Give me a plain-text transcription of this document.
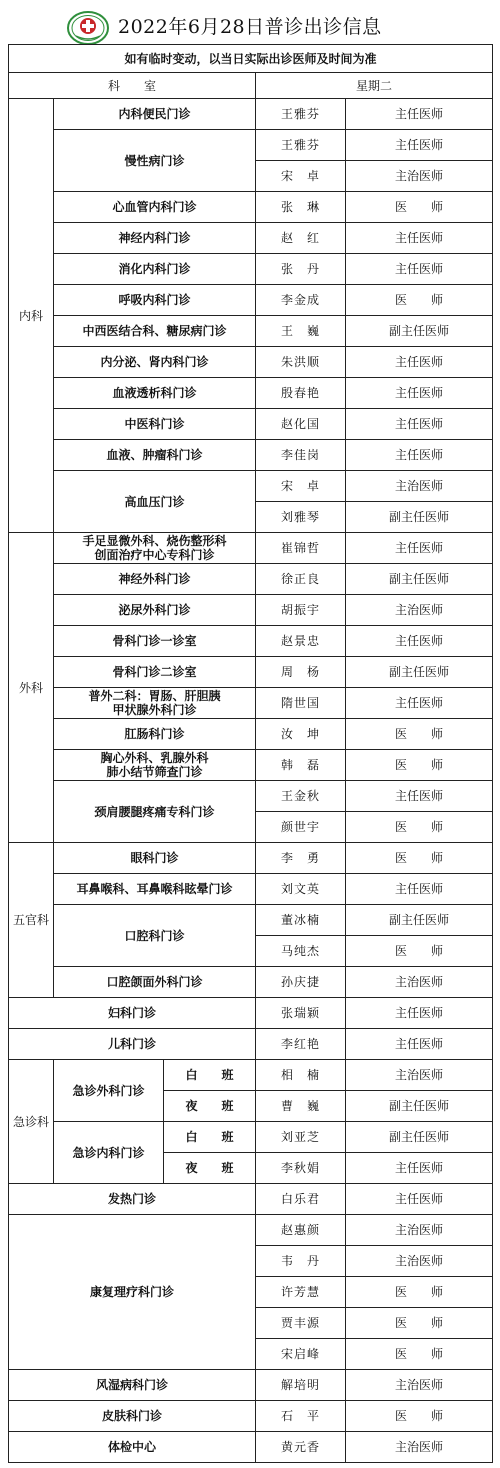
2022年6月28日普诊出诊信息
如有临时变动，以当日实际出诊医师及时间为准				
科　　室			星期二	
内科	内科便民门诊		王雅芬	主任医师
	慢性病门诊		王雅芬	主任医师
			宋　卓	主治医师
	心血管内科门诊		张　琳	医　　师
	神经内科门诊		赵　红	主任医师
	消化内科门诊		张　丹	主任医师
	呼吸内科门诊		李金成	医　　师
	中西医结合科、糖尿病门诊		王　巍	副主任医师
	内分泌、肾内科门诊		朱洪顺	主任医师
	血液透析科门诊		殷春艳	主任医师
	中医科门诊		赵化国	主任医师
	血液、肿瘤科门诊		李佳岗	主任医师
	高血压门诊		宋　卓	主治医师
			刘雅琴	副主任医师
外科	手足显微外科、烧伤整形科
创面治疗中心专科门诊		崔锦哲	主任医师
	神经外科门诊		徐正良	副主任医师
	泌尿外科门诊		胡振宇	主治医师
	骨科门诊一诊室		赵景忠	主任医师
	骨科门诊二诊室		周　杨	副主任医师

	普外二科：胃肠、肝胆胰
甲状腺外科门诊		隋世国	主任医师
	肛肠科门诊		汝　坤	医　　师

	胸心外科、乳腺外科
肺小结节筛查门诊		韩　磊	医　　师
	颈肩腰腿疼痛专科门诊		王金秋	主任医师
			颜世宇	医　　师
五官科	眼科门诊		李　勇	医　　师
	耳鼻喉科、耳鼻喉科眩晕门诊		刘文英	主任医师
	口腔科门诊		董冰楠	副主任医师
			马纯杰	医　　师
	口腔颌面外科门诊		孙庆捷	主治医师
妇科门诊			张瑞颖	主任医师
儿科门诊			李红艳	主任医师
急诊科	急诊外科门诊	白　　班	相　楠	主治医师
		夜　　班	曹　巍	副主任医师
	急诊内科门诊	白　　班	刘亚芝	副主任医师
		夜　　班	李秋娟	主任医师
发热门诊			白乐君	主任医师
康复理疗科门诊			赵惠颜	主治医师
			韦　丹	主治医师
			许芳慧	医　　师
			贾丰源	医　　师
			宋启峰	医　　师
风湿病科门诊			解培明	主治医师
皮肤科门诊			石　平	医　　师
体检中心			黄元香	主治医师
